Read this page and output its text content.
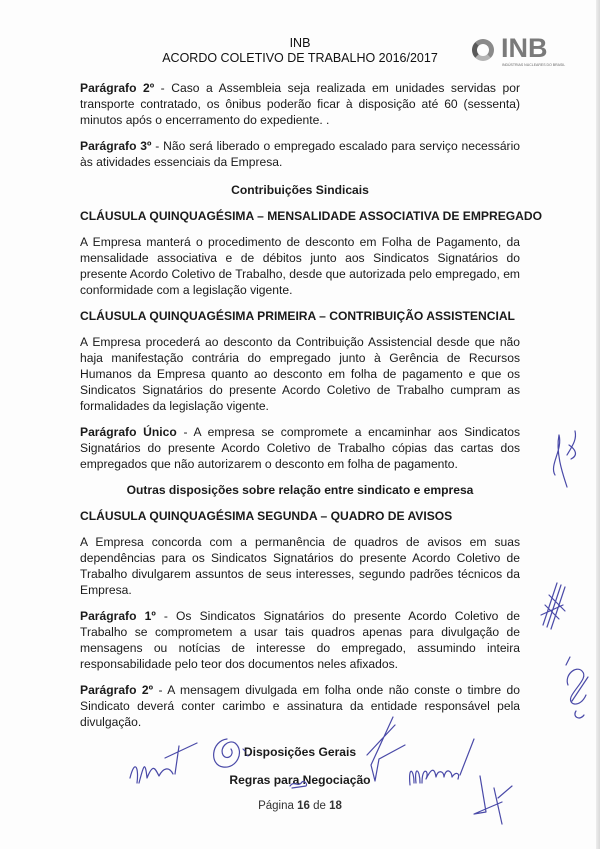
INB
ACORDO COLETIVO DE TRABALHO 2016/2017	INB
INDÚSTRIAS NUCLEARES DO BRASIL

Parágrafo 2º - Caso a Assembleia seja realizada em unidades servidas por transporte contratado, os ônibus poderão ficar à disposição até 60 (sessenta) minutos após o encerramento do expediente. .

Parágrafo 3º - Não será liberado o empregado escalado para serviço necessário às atividades essenciais da Empresa.

Contribuições Sindicais
CLÁUSULA QUINQUAGÉSIMA – MENSALIDADE ASSOCIATIVA DE EMPREGADO

A Empresa manterá o procedimento de desconto em Folha de Pagamento, da mensalidade associativa e de débitos junto aos Sindicatos Signatários do presente Acordo Coletivo de Trabalho, desde que autorizada pelo empregado, em conformidade com a legislação vigente.

CLÁUSULA QUINQUAGÉSIMA PRIMEIRA – CONTRIBUIÇÃO ASSISTENCIAL

A Empresa procederá ao desconto da Contribuição Assistencial desde que não haja manifestação contrária do empregado junto à Gerência de Recursos Humanos da Empresa quanto ao desconto em folha de pagamento e que os Sindicatos Signatários do presente Acordo Coletivo de Trabalho cumpram as formalidades da legislação vigente.

Parágrafo Único - A empresa se compromete a encaminhar aos Sindicatos Signatários do presente Acordo Coletivo de Trabalho cópias das cartas dos empregados que não autorizarem o desconto em folha de pagamento.

Outras disposições sobre relação entre sindicato e empresa
CLÁUSULA QUINQUAGÉSIMA SEGUNDA – QUADRO DE AVISOS

A Empresa concorda com a permanência de quadros de avisos em suas dependências para os Sindicatos Signatários do presente Acordo Coletivo de Trabalho divulgarem assuntos de seus interesses, segundo padrões técnicos da Empresa.

Parágrafo 1º - Os Sindicatos Signatários do presente Acordo Coletivo de Trabalho se comprometem a usar tais quadros apenas para divulgação de mensagens ou notícias de interesse do empregado, assumindo inteira responsabilidade pelo teor dos documentos neles afixados.

Parágrafo 2º - A mensagem divulgada em folha onde não conste o timbre do Sindicato deverá conter carimbo e assinatura da entidade responsável pela divulgação.

Disposições Gerais
Regras para Negociação
Página 16 de 18
